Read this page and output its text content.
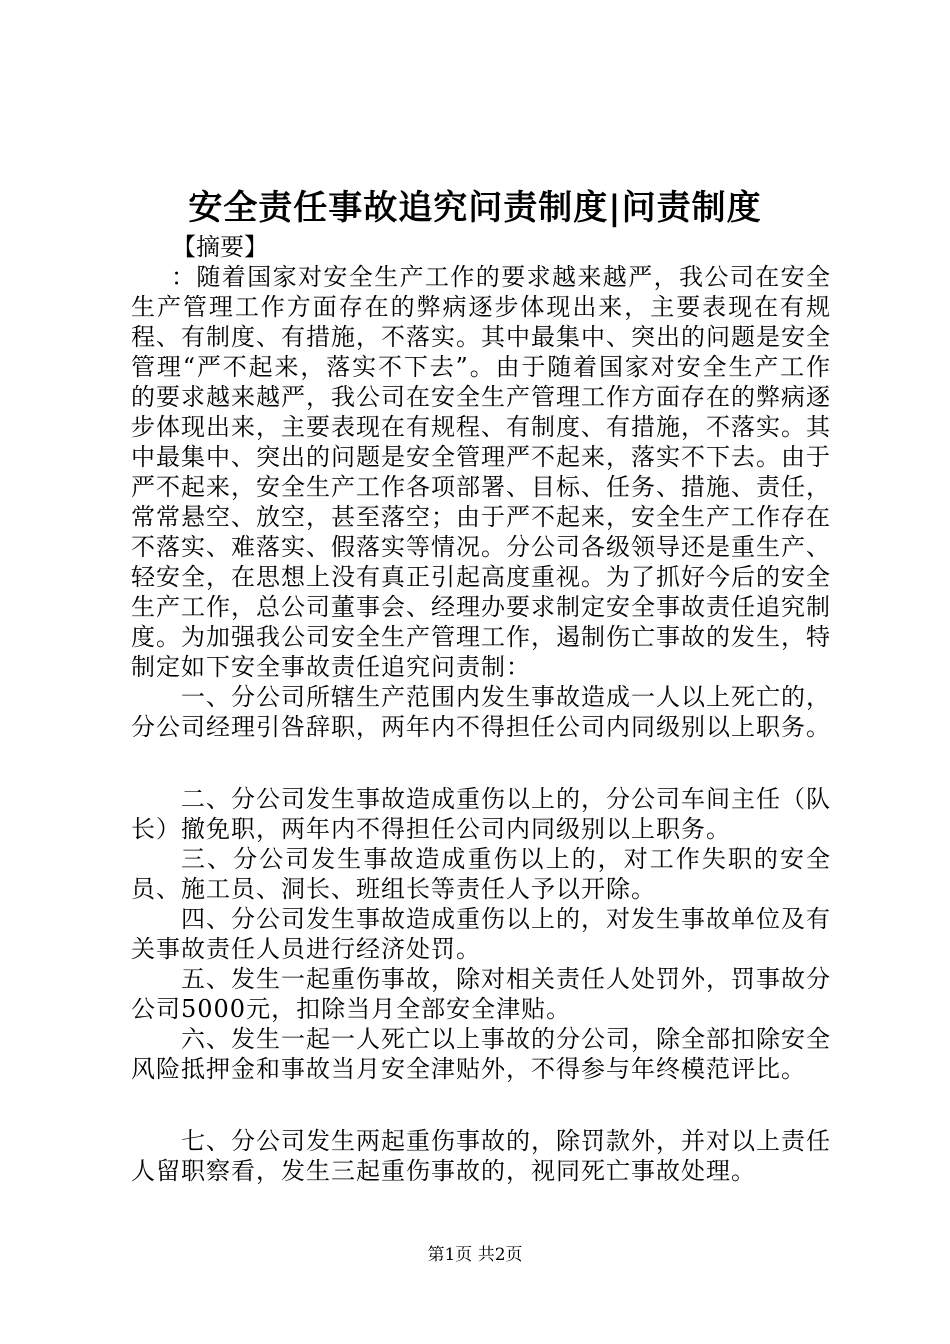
安全责任事故追究问责制度|问责制度
【摘要】

：随着国家对安全生产工作的要求越来越严，我公司在安全生产管理工作方面存在的弊病逐步体现出来，主要表现在有规程、有制度、有措施，不落实。其中最集中、突出的问题是安全管理“严不起来，落实不下去”。由于随着国家对安全生产工作的要求越来越严，我公司在安全生产管理工作方面存在的弊病逐步体现出来，主要表现在有规程、有制度、有措施，不落实。其中最集中、突出的问题是安全管理严不起来，落实不下去。由于严不起来，安全生产工作各项部署、目标、任务、措施、责任，常常悬空、放空，甚至落空；由于严不起来，安全生产工作存在不落实、难落实、假落实等情况。分公司各级领导还是重生产、轻安全，在思想上没有真正引起高度重视。为了抓好今后的安全生产工作，总公司董事会、经理办要求制定安全事故责任追究制度。为加强我公司安全生产管理工作，遏制伤亡事故的发生，特制定如下安全事故责任追究问责制：

一、分公司所辖生产范围内发生事故造成一人以上死亡的，分公司经理引咎辞职，两年内不得担任公司内同级别以上职务。

二、分公司发生事故造成重伤以上的，分公司车间主任（队长）撤免职，两年内不得担任公司内同级别以上职务。

三、分公司发生事故造成重伤以上的，对工作失职的安全员、施工员、洞长、班组长等责任人予以开除。

四、分公司发生事故造成重伤以上的，对发生事故单位及有关事故责任人员进行经济处罚。

五、发生一起重伤事故，除对相关责任人处罚外，罚事故分公司5000元，扣除当月全部安全津贴。

六、发生一起一人死亡以上事故的分公司，除全部扣除安全风险抵押金和事故当月安全津贴外，不得参与年终模范评比。

七、分公司发生两起重伤事故的，除罚款外，并对以上责任人留职察看，发生三起重伤事故的，视同死亡事故处理。

第1页 共2页
